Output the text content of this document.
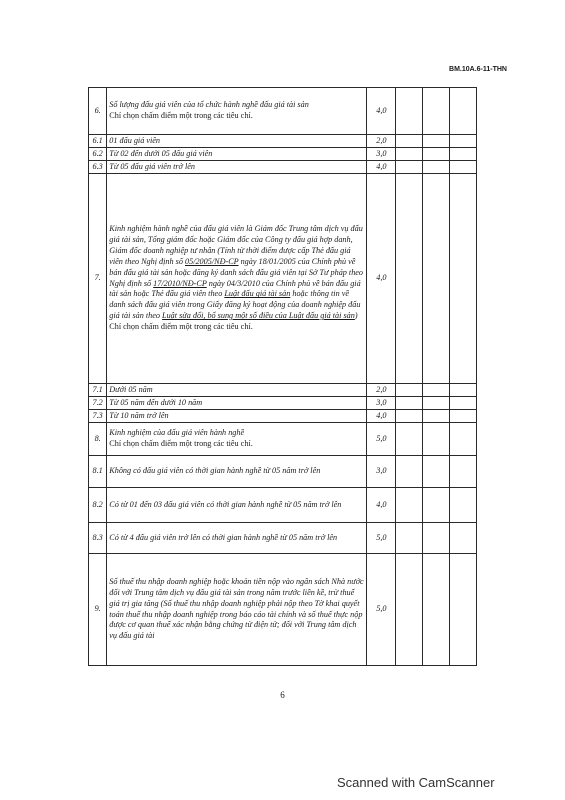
BM.10A.6-11-THN
6.	Số lượng đấu giá viên của tổ chức hành nghề đấu giá tài sản
Chỉ chọn chấm điểm một trong các tiêu chí.	4,0			
6.1	01 đấu giá viên	2,0			
6.2	Từ 02 đến dưới 05 đấu giá viên	3,0			
6.3	Từ 05 đấu giá viên trở lên	4,0			
7.	Kinh nghiệm hành nghề của đấu giá viên là Giám đốc Trung tâm dịch vụ đấu giá tài sản, Tổng giám đốc hoặc Giám đốc của Công ty đấu giá hợp danh, Giám đốc doanh nghiệp tư nhân (Tính từ thời điểm được cấp Thẻ đấu giá viên theo Nghị định số 05/2005/NĐ-CP ngày 18/01/2005 của Chính phủ về bán đấu giá tài sản hoặc đăng ký danh sách đấu giá viên tại Sở Tư pháp theo Nghị định số 17/2010/NĐ-CP ngày 04/3/2010 của Chính phủ về bán đấu giá tài sản hoặc Thẻ đấu giá viên theo Luật đấu giá tài sản hoặc thông tin về danh sách đấu giá viên trong Giấy đăng ký hoạt động của doanh nghiệp đấu giá tài sản theo Luật sửa đổi, bổ sung một số điều của Luật đấu giá tài sản)
Chỉ chọn chấm điểm một trong các tiêu chí.	4,0			
7.1	Dưới 05 năm	2,0			
7.2	Từ 05 năm đến dưới 10 năm	3,0			
7.3	Từ 10 năm trở lên	4,0			
8.	Kinh nghiệm của đấu giá viên hành nghề
Chỉ chọn chấm điểm một trong các tiêu chí.	5,0			
8.1	Không có đấu giá viên có thời gian hành nghề từ 05 năm trở lên	3,0			
8.2	Có từ 01 đến 03 đấu giá viên có thời gian hành nghề từ 05 năm trở lên	4,0			
8.3	Có từ 4 đấu giá viên trở lên có thời gian hành nghề từ 05 năm trở lên	5,0			
9.	Số thuế thu nhập doanh nghiệp hoặc khoản tiền nộp vào ngân sách Nhà nước đối với Trung tâm dịch vụ đấu giá tài sản trong năm trước liền kề, trừ thuế giá trị gia tăng (Số thuế thu nhập doanh nghiệp phải nộp theo Tờ khai quyết toán thuế thu nhập doanh nghiệp trong báo cáo tài chính và số thuế thực nộp được cơ quan thuế xác nhận bằng chứng từ điện tử; đối với Trung tâm dịch vụ đấu giá tài	5,0			
6
Scanned with CamScanner
